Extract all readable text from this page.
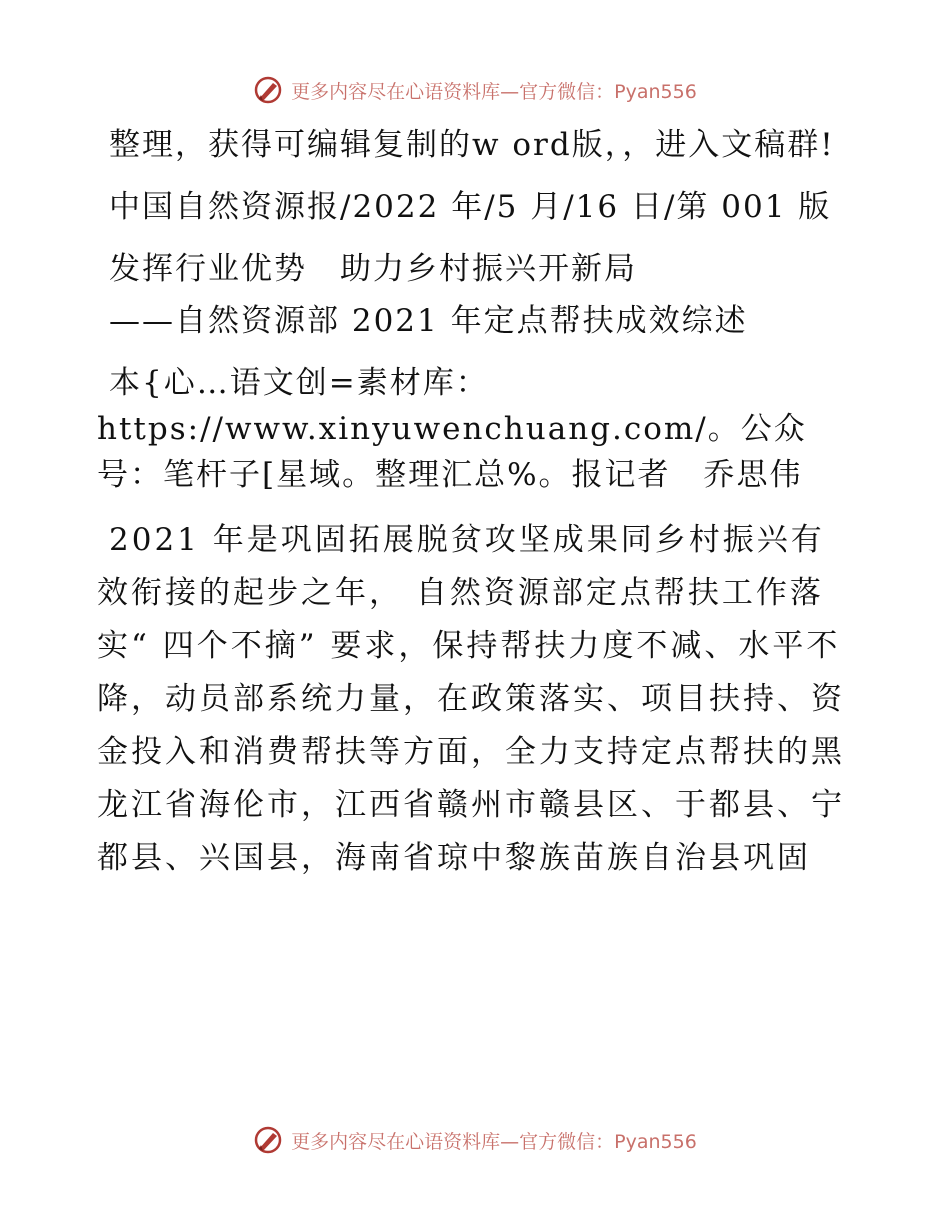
更多内容尽在心语资料库—官方微信：Pyan556

整理，获得可编辑复制的w ord版，，进入文稿群!

中国自然资源报/2022 年/5 月/16 日/第 001 版

发挥行业优势　助力乡村振兴开新局

——自然资源部 2021 年定点帮扶成效综述

本{心…语文创=素材库：https://www.xinyuwenchuang.com/。公众号：笔杆子[星域。整理汇总%。报记者　乔思伟

2021 年是巩固拓展脱贫攻坚成果同乡村振兴有效衔接的起步之年， 自然资源部定点帮扶工作落实“ 四个不摘” 要求，保持帮扶力度不减、水平不降，动员部系统力量，在政策落实、项目扶持、资金投入和消费帮扶等方面，全力支持定点帮扶的黑龙江省海伦市，江西省赣州市赣县区、于都县、宁都县、兴国县，海南省琼中黎族苗族自治县巩固

更多内容尽在心语资料库—官方微信：Pyan556
